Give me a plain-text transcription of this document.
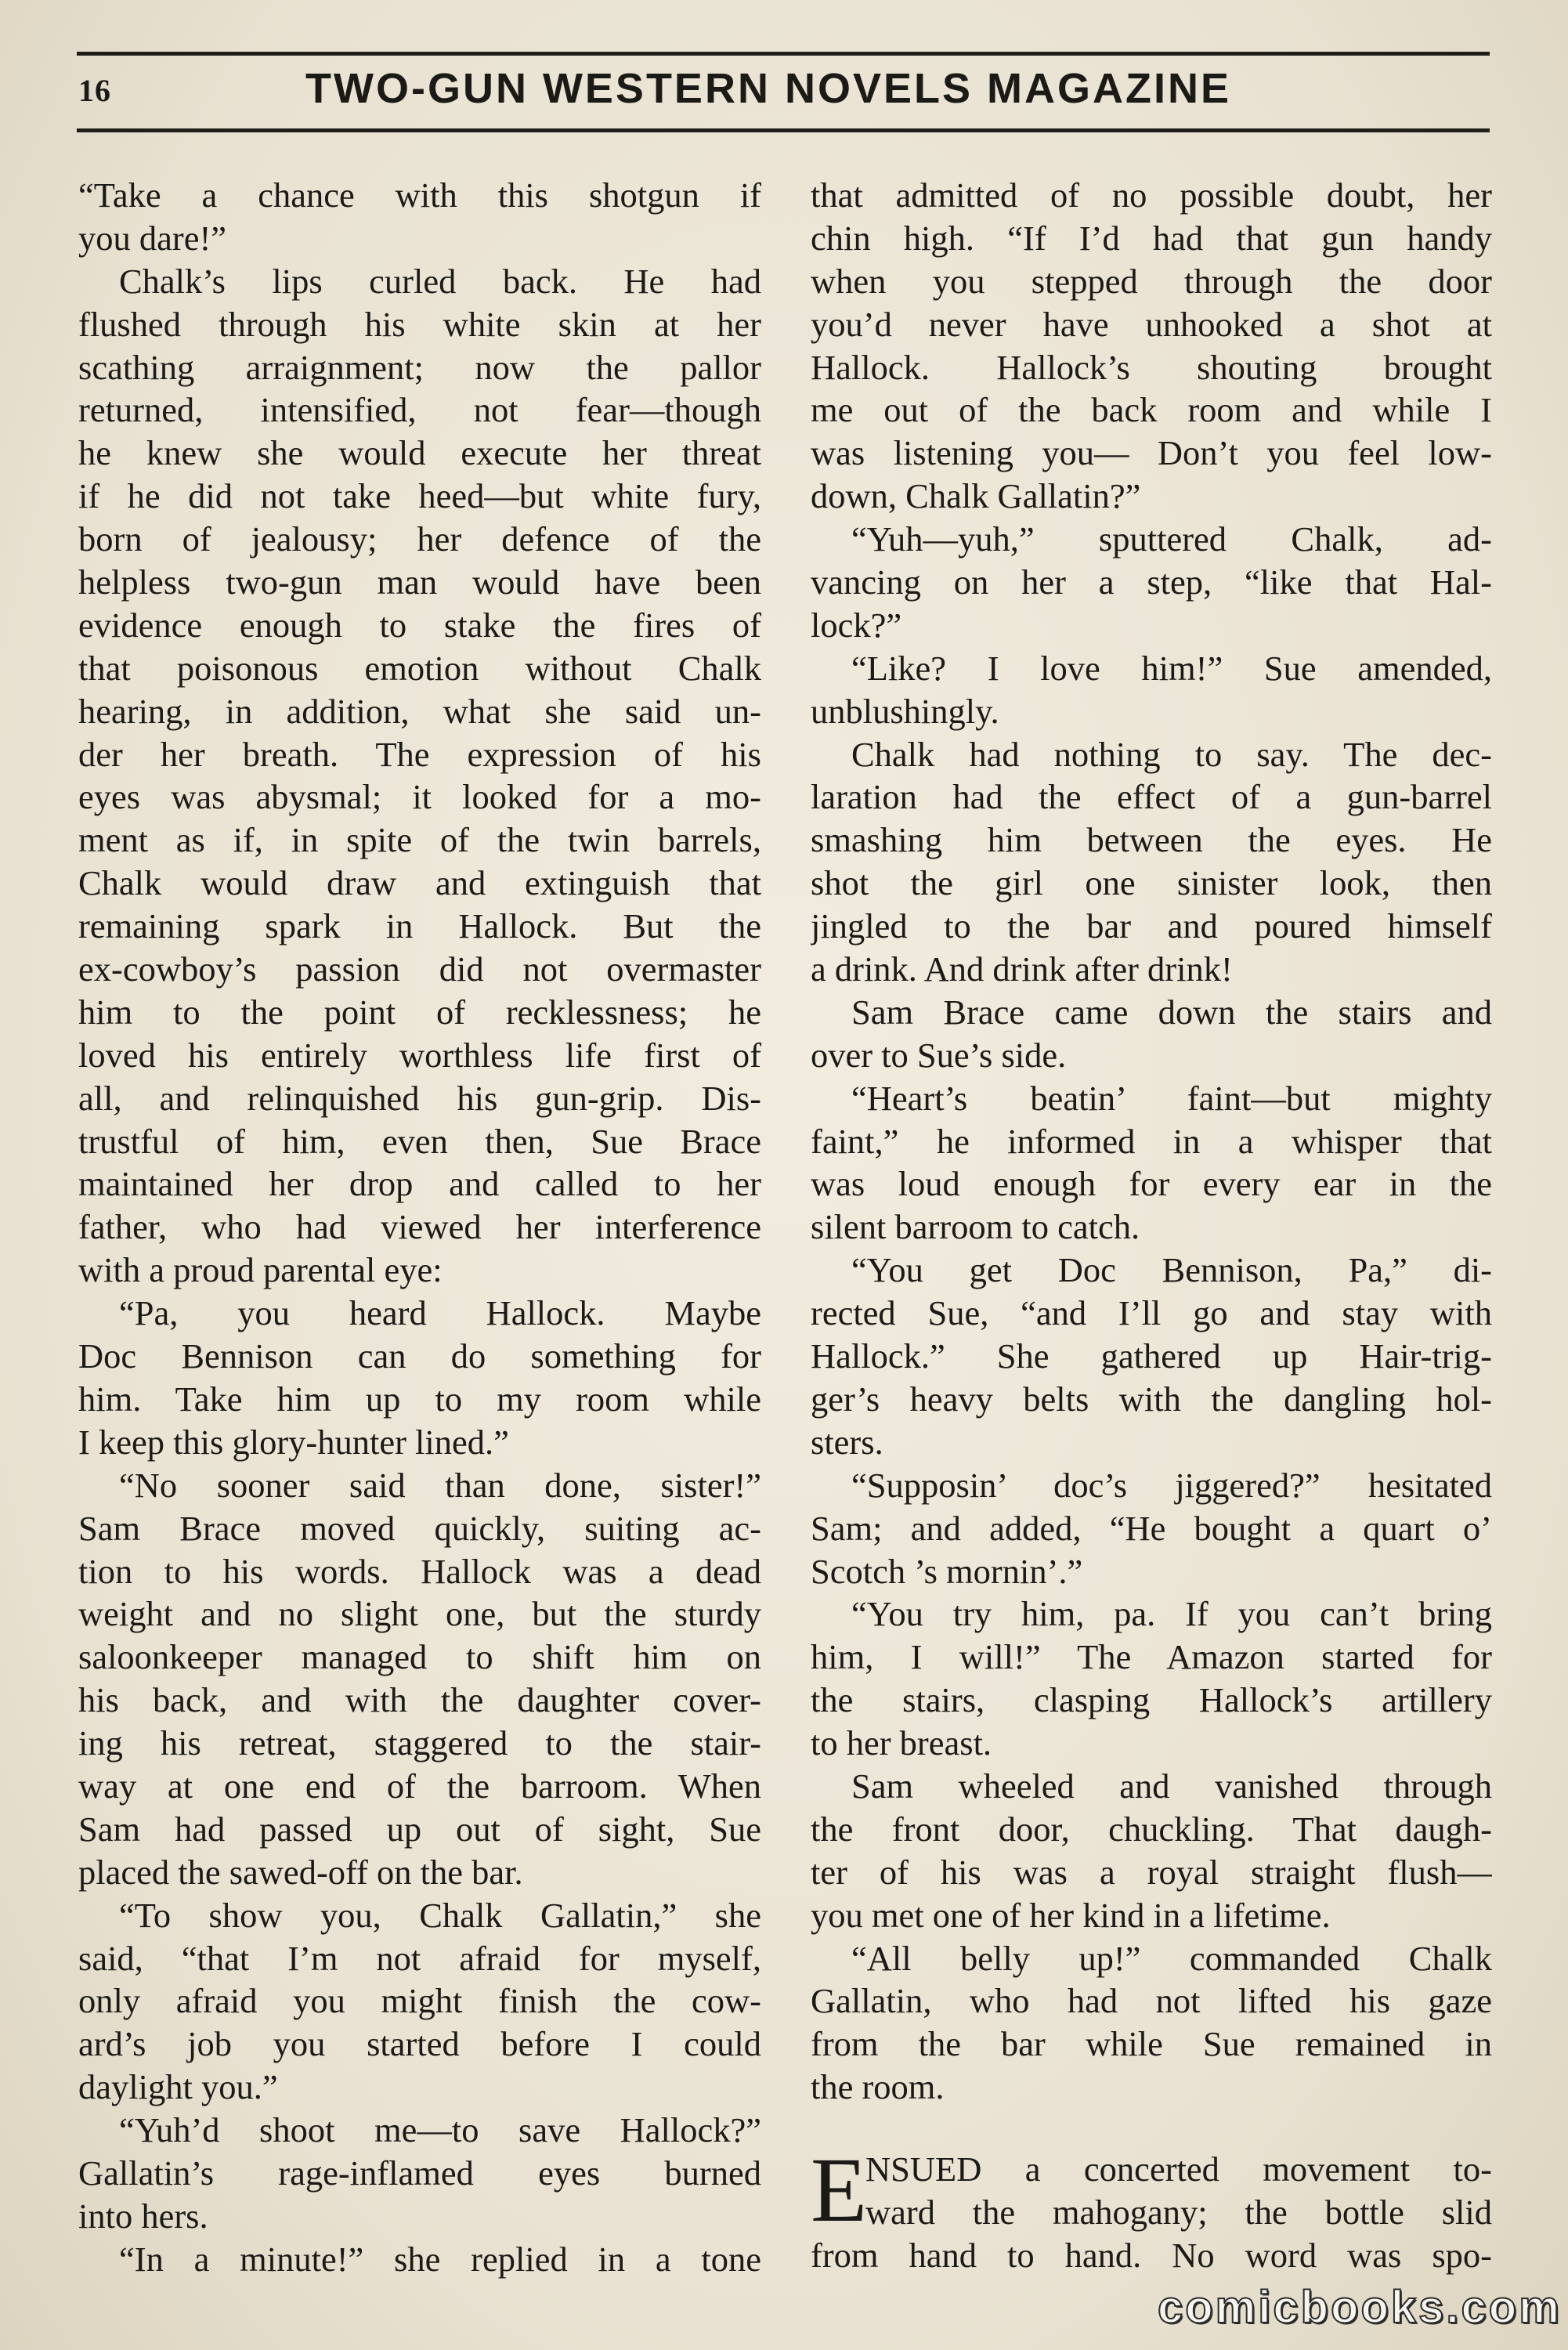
16	TWO-GUN WESTERN NOVELS MAGAZINE
“Take a chance with this shotgun if
you dare!”
Chalk’s lips curled back. He had
flushed through his white skin at her
scathing arraignment; now the pallor
returned, intensified, not fear—though
he knew she would execute her threat
if he did not take heed—but white fury,
born of jealousy; her defence of the
helpless two-gun man would have been
evidence enough to stake the fires of
that poisonous emotion without Chalk
hearing, in addition, what she said un-
der her breath. The expression of his
eyes was abysmal; it looked for a mo-
ment as if, in spite of the twin barrels,
Chalk would draw and extinguish that
remaining spark in Hallock. But the
ex-cowboy’s passion did not overmaster
him to the point of recklessness; he
loved his entirely worthless life first of
all, and relinquished his gun-grip. Dis-
trustful of him, even then, Sue Brace
maintained her drop and called to her
father, who had viewed her interference
with a proud parental eye:
“Pa, you heard Hallock. Maybe
Doc Bennison can do something for
him. Take him up to my room while
I keep this glory-hunter lined.”
“No sooner said than done, sister!”
Sam Brace moved quickly, suiting ac-
tion to his words. Hallock was a dead
weight and no slight one, but the sturdy
saloonkeeper managed to shift him on
his back, and with the daughter cover-
ing his retreat, staggered to the stair-
way at one end of the barroom. When
Sam had passed up out of sight, Sue
placed the sawed-off on the bar.
“To show you, Chalk Gallatin,” she
said, “that I’m not afraid for myself,
only afraid you might finish the cow-
ard’s job you started before I could
daylight you.”
“Yuh’d shoot me—to save Hallock?”
Gallatin’s rage-inflamed eyes burned
into hers.
“In a minute!” she replied in a tone
that admitted of no possible doubt, her
chin high. “If I’d had that gun handy
when you stepped through the door
you’d never have unhooked a shot at
Hallock. Hallock’s shouting brought
me out of the back room and while I
was listening you— Don’t you feel low-
down, Chalk Gallatin?”
“Yuh—yuh,” sputtered Chalk, ad-
vancing on her a step, “like that Hal-
lock?”
“Like? I love him!” Sue amended,
unblushingly.
Chalk had nothing to say. The dec-
laration had the effect of a gun-barrel
smashing him between the eyes. He
shot the girl one sinister look, then
jingled to the bar and poured himself
a drink. And drink after drink!
Sam Brace came down the stairs and
over to Sue’s side.
“Heart’s beatin’ faint—but mighty
faint,” he informed in a whisper that
was loud enough for every ear in the
silent barroom to catch.
“You get Doc Bennison, Pa,” di-
rected Sue, “and I’ll go and stay with
Hallock.” She gathered up Hair-trig-
ger’s heavy belts with the dangling hol-
sters.
“Supposin’ doc’s jiggered?” hesitated
Sam; and added, “He bought a quart o’
Scotch ’s mornin’.”
“You try him, pa. If you can’t bring
him, I will!” The Amazon started for
the stairs, clasping Hallock’s artillery
to her breast.
Sam wheeled and vanished through
the front door, chuckling. That daugh-
ter of his was a royal straight flush—
you met one of her kind in a lifetime.
“All belly up!” commanded Chalk
Gallatin, who had not lifted his gaze
from the bar while Sue remained in
the room.
E
NSUED a concerted movement to-
ward the mahogany; the bottle slid
from hand to hand. No word was spo-
comicbooks.com
